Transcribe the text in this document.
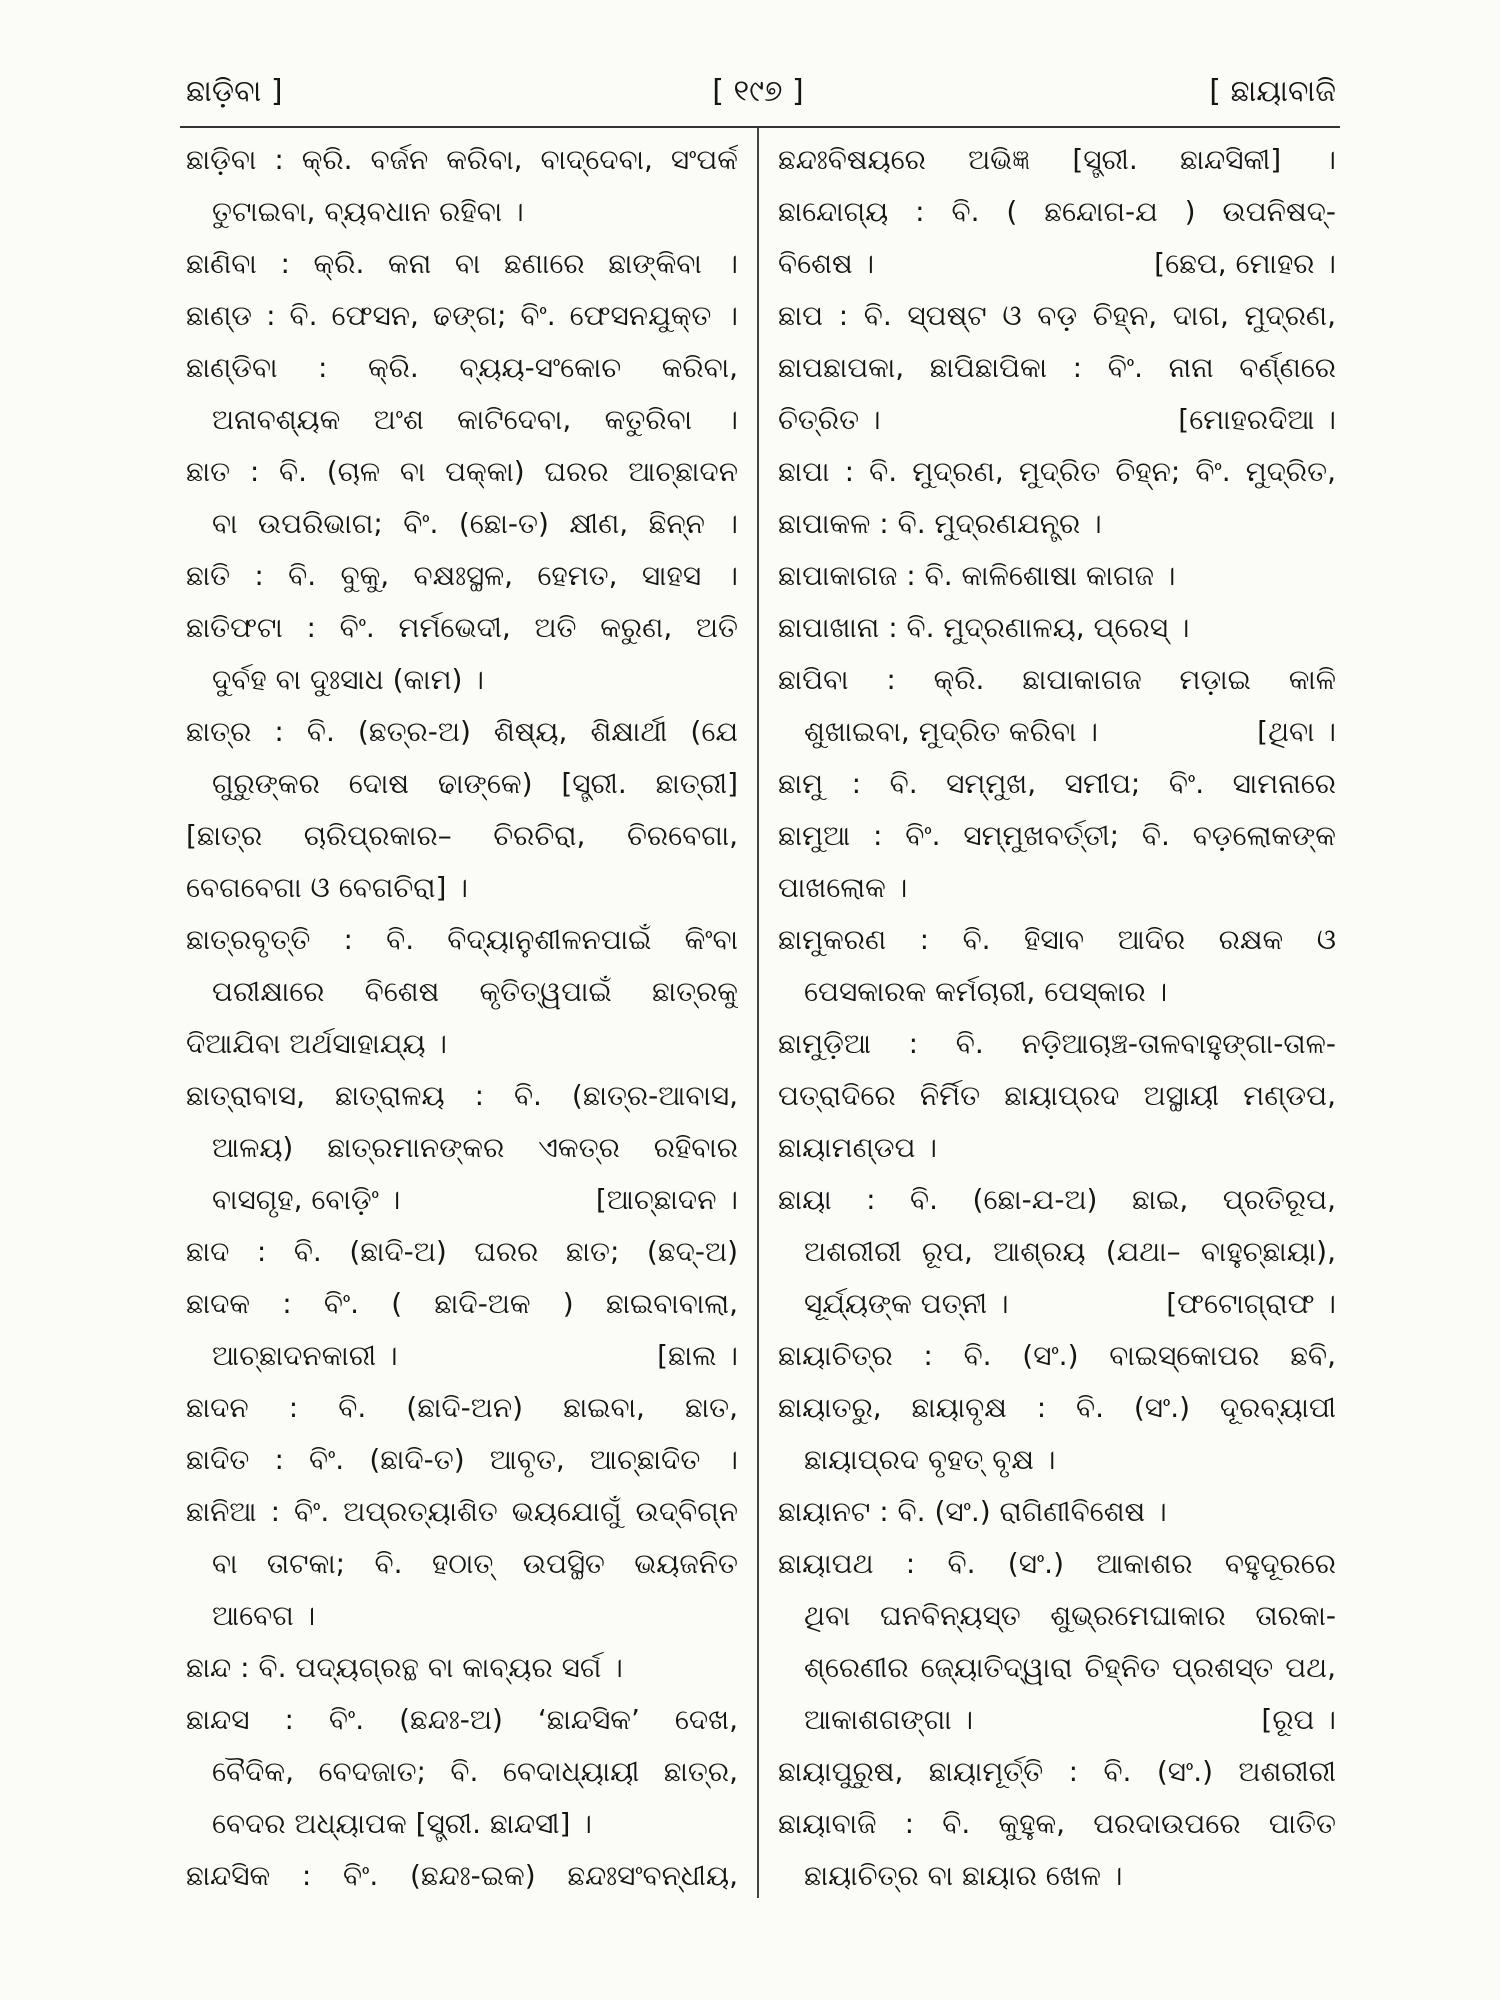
ଛାଡ଼ିବା ]	[ ୧୯୭ ]	[ ଛାୟାବାଜି
ଛାଡ଼ିବା : କ୍ରି. ବର୍ଜନ କରିବା, ବାଦ୍‌ଦେବା, ସଂପର୍କ
ତୁଟାଇବା, ବ୍ୟବଧାନ ରହିବା ।
ଛାଣିବା : କ୍ରି. କନା ବା ଛଣାରେ ଛାଙ୍କିବା ।
ଛାଣ୍ଡ : ବି. ଫେସନ, ଢଙ୍ଗ; ବିଂ. ଫେସନଯୁକ୍ତ ।
ଛାଣ୍ଡିବା : କ୍ରି. ବ୍ୟୟ-ସଂକୋଚ କରିବା,
ଅନାବଶ୍ୟକ ଅଂଶ କାଟିଦେବା, କତୁରିବା ।
ଛାତ : ବି. (ଚାଳ ବା ପକ୍କା) ଘରର ଆଚ୍ଛାଦନ
ବା ଉପରିଭାଗ; ବିଂ. (ଛୋ-ତ) କ୍ଷୀଣ, ଛିନ୍ନ ।
ଛାତି : ବି. ବୁକୁ, ବକ୍ଷଃସ୍ଥଳ, ହେମତ, ସାହସ ।
ଛାତିଫଟା : ବିଂ. ମର୍ମଭେଦୀ, ଅତି କରୁଣ, ଅତି
ଦୁର୍ବହ ବା ଦୁଃସାଧ (କାମ) ।
ଛାତ୍ର : ବି. (ଛତ୍ର-ଅ) ଶିଷ୍ୟ, ଶିକ୍ଷାର୍ଥୀ (ଯେ
ଗୁରୁଙ୍କର ଦୋଷ ଢାଙ୍କେ) [ସ୍ତ୍ରୀ. ଛାତ୍ରୀ]
[ଛାତ୍ର ଚାରିପ୍ରକାର– ଚିରଚିରା, ଚିରବେଗା,
ବେଗବେଗା ଓ ବେଗଚିରା] ।
ଛାତ୍ରବୃତ୍ତି : ବି. ବିଦ୍ୟାନୁଶୀଳନପାଇଁ କିଂବା
ପରୀକ୍ଷାରେ ବିଶେଷ କୃତିତ୍ୱପାଇଁ ଛାତ୍ରକୁ
ଦିଆଯିବା ଅର୍ଥସାହାଯ୍ୟ ।
ଛାତ୍ରାବାସ, ଛାତ୍ରାଳୟ : ବି. (ଛାତ୍ର-ଆବାସ,
ଆଳୟ) ଛାତ୍ରମାନଙ୍କର ଏକତ୍ର ରହିବାର
ବାସଗୃହ, ବୋଡ଼ିଂ ।	[ଆଚ୍ଛାଦନ ।
ଛାଦ : ବି. (ଛାଦି-ଅ) ଘରର ଛାତ; (ଛଦ୍-ଅ)
ଛାଦକ : ବିଂ. ( ଛାଦି-ଅକ ) ଛାଇବାବାଲା,
ଆଚ୍ଛାଦନକାରୀ ।	[ଛାଲ ।
ଛାଦନ : ବି. (ଛାଦି-ଅନ) ଛାଇବା, ଛାତ,
ଛାଦିତ : ବିଂ. (ଛାଦି-ତ) ଆବୃତ, ଆଚ୍ଛାଦିତ ।
ଛାନିଆ : ବିଂ. ଅପ୍ରତ୍ୟାଶିତ ଭୟଯୋଗୁଁ ଉଦ୍‌ବିଗ୍ନ
ବା ତାଟକା; ବି. ହଠାତ୍ ଉପସ୍ଥିତ ଭୟଜନିତ
ଆବେଗ ।
ଛାନ୍ଦ : ବି. ପଦ୍ୟଗ୍ରନ୍ଥ ବା କାବ୍ୟର ସର୍ଗ ।
ଛାନ୍ଦସ : ବିଂ. (ଛନ୍ଦଃ-ଅ) ‘ଛାନ୍ଦସିକ’ ଦେଖ,
ବୈଦିକ, ବେଦଜାତ; ବି. ବେଦାଧ୍ୟାୟୀ ଛାତ୍ର,
ବେଦର ଅଧ୍ୟାପକ [ସ୍ତ୍ରୀ. ଛାନ୍ଦସୀ] ।
ଛାନ୍ଦସିକ : ବିଂ. (ଛନ୍ଦଃ-ଇକ) ଛନ୍ଦଃସଂବନ୍ଧୀୟ,
ଛନ୍ଦଃବିଷୟରେ ଅଭିଜ୍ଞ [ସ୍ତ୍ରୀ. ଛାନ୍ଦସିକୀ] ।
ଛାନ୍ଦୋଗ୍ୟ : ବି. ( ଛନ୍ଦୋଗ-ଯ ) ଉପନିଷଦ୍-
ବିଶେଷ ।	[ଛେପ, ମୋହର ।
ଛାପ : ବି. ସ୍ପଷ୍ଟ ଓ ବଡ଼ ଚିହ୍ନ, ଦାଗ, ମୁଦ୍ରଣ,
ଛାପଛାପକା, ଛାପିଛାପିକା : ବିଂ. ନାନା ବର୍ଣ୍ଣରେ
ଚିତ୍ରିତ ।	[ମୋହରଦିଆ ।
ଛାପା : ବି. ମୁଦ୍ରଣ, ମୁଦ୍ରିତ ଚିହ୍ନ; ବିଂ. ମୁଦ୍ରିତ,
ଛାପାକଳ : ବି. ମୁଦ୍ରଣଯନ୍ତ୍ର ।
ଛାପାକାଗଜ : ବି. କାଳିଶୋଷା କାଗଜ ।
ଛାପାଖାନା : ବି. ମୁଦ୍ରଣାଳୟ, ପ୍ରେସ୍ ।
ଛାପିବା : କ୍ରି. ଛାପାକାଗଜ ମଡ଼ାଇ କାଳି
ଶୁଖାଇବା, ମୁଦ୍ରିତ କରିବା ।	[ଥିବା ।
ଛାମୁ : ବି. ସମ୍ମୁଖ, ସମୀପ; ବିଂ. ସାମନାରେ
ଛାମୁଆ : ବିଂ. ସମ୍ମୁଖବର୍ତ୍ତୀ; ବି. ବଡ଼ଲୋକଙ୍କ
ପାଖଲୋକ ।
ଛାମୁକରଣ : ବି. ହିସାବ ଆଦିର ରକ୍ଷକ ଓ
ପେସକାରକ କର୍ମଚାରୀ, ପେସ୍କାର ।
ଛାମୁଡ଼ିଆ : ବି. ନଡ଼ିଆଚାଞ୍ଚ-ତାଳବାହୁଙ୍ଗା-ତାଳ-
ପତ୍ରାଦିରେ ନିର୍ମିତ ଛାୟାପ୍ରଦ ଅସ୍ଥାୟୀ ମଣ୍ଡପ,
ଛାୟାମଣ୍ଡପ ।
ଛାୟା : ବି. (ଛୋ-ଯ-ଅ) ଛାଇ, ପ୍ରତିରୂପ,
ଅଶରୀରୀ ରୂପ, ଆଶ୍ରୟ (ଯଥା– ବାହୁଚ୍ଛାୟା),
ସୂର୍ଯ୍ୟଙ୍କ ପତ୍ନୀ ।	[ଫଟୋଗ୍ରାଫ ।
ଛାୟାଚିତ୍ର : ବି. (ସଂ.) ବାଇସ୍କୋପର ଛବି,
ଛାୟାତରୁ, ଛାୟାବୃକ୍ଷ : ବି. (ସଂ.) ଦୂରବ୍ୟାପୀ
ଛାୟାପ୍ରଦ ବୃହତ୍ ବୃକ୍ଷ ।
ଛାୟାନଟ : ବି. (ସଂ.) ରାଗିଣୀବିଶେଷ ।
ଛାୟାପଥ : ବି. (ସଂ.) ଆକାଶର ବହୁଦୂରରେ
ଥିବା ଘନବିନ୍ୟସ୍ତ ଶୁଭ୍ରମେଘାକାର ତାରକା-
ଶ୍ରେଣୀର ଜ୍ୟୋତିଦ୍ୱାରା ଚିହ୍ନିତ ପ୍ରଶସ୍ତ ପଥ,
ଆକାଶଗଙ୍ଗା ।	[ରୂପ ।
ଛାୟାପୁରୁଷ, ଛାୟାମୂର୍ତ୍ତି : ବି. (ସଂ.) ଅଶରୀରୀ
ଛାୟାବାଜି : ବି. କୁହୁକ, ପରଦାଉପରେ ପାତିତ
ଛାୟାଚିତ୍ର ବା ଛାୟାର ଖେଳ ।
